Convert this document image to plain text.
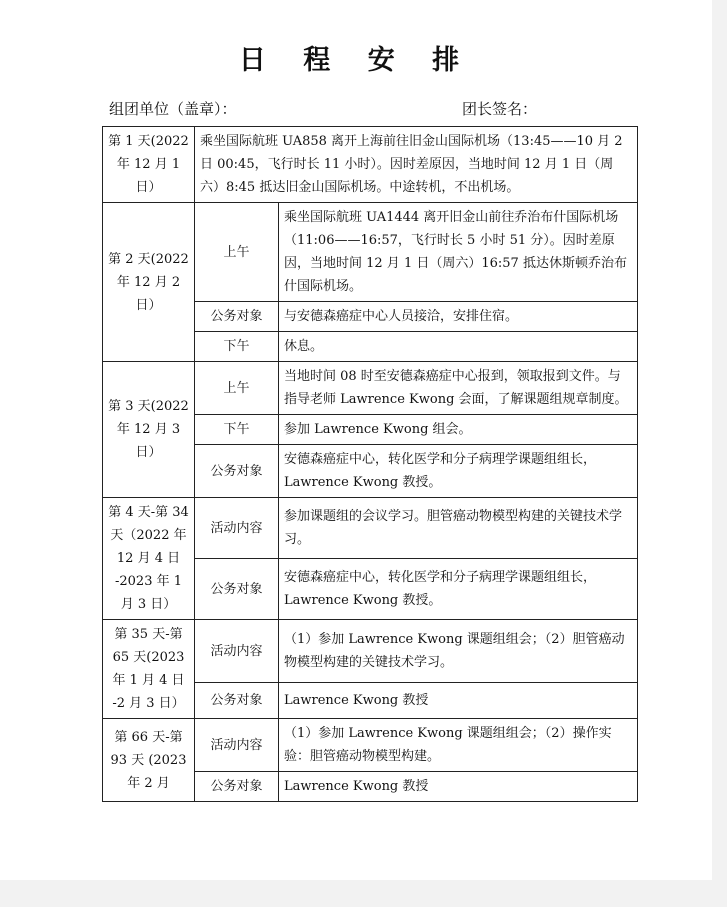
日 程 安 排
组团单位（盖章）：	团长签名：
第 1 天(2022 年 12 月 1 日）	乘坐国际航班 UA858 离开上海前往旧金山国际机场（13:45——10 月 2 日 00:45，飞行时长 11 小时）。因时差原因，当地时间 12 月 1 日（周六）8:45 抵达旧金山国际机场。中途转机，不出机场。	
第 2 天(2022 年 12 月 2 日）	上午	乘坐国际航班 UA1444 离开旧金山前往乔治布什国际机场（11:06——16:57，飞行时长 5 小时 51 分）。因时差原因，当地时间 12 月 1 日（周六）16:57 抵达休斯顿乔治布什国际机场。
	公务对象	与安德森癌症中心人员接洽，安排住宿。
	下午	休息。
第 3 天(2022 年 12 月 3 日）	上午	当地时间 08 时至安德森癌症中心报到，领取报到文件。与指导老师 Lawrence Kwong 会面，了解课题组规章制度。
	下午	参加 Lawrence Kwong 组会。
	公务对象	安德森癌症中心，转化医学和分子病理学课题组组长，Lawrence Kwong 教授。
第 4 天-第 34 天（2022 年 12 月 4 日 -2023 年 1 月 3 日）	活动内容	参加课题组的会议学习。胆管癌动物模型构建的关键技术学习。
	公务对象	安德森癌症中心，转化医学和分子病理学课题组组长，Lawrence Kwong 教授。
第 35 天-第 65 天(2023 年 1 月 4 日 -2 月 3 日）	活动内容	（1）参加 Lawrence Kwong 课题组组会；（2）胆管癌动物模型构建的关键技术学习。
	公务对象	Lawrence Kwong 教授
第 66 天-第 93 天 (2023 年 2 月	活动内容	（1）参加 Lawrence Kwong 课题组组会；（2）操作实验：胆管癌动物模型构建。
	公务对象	Lawrence Kwong 教授
